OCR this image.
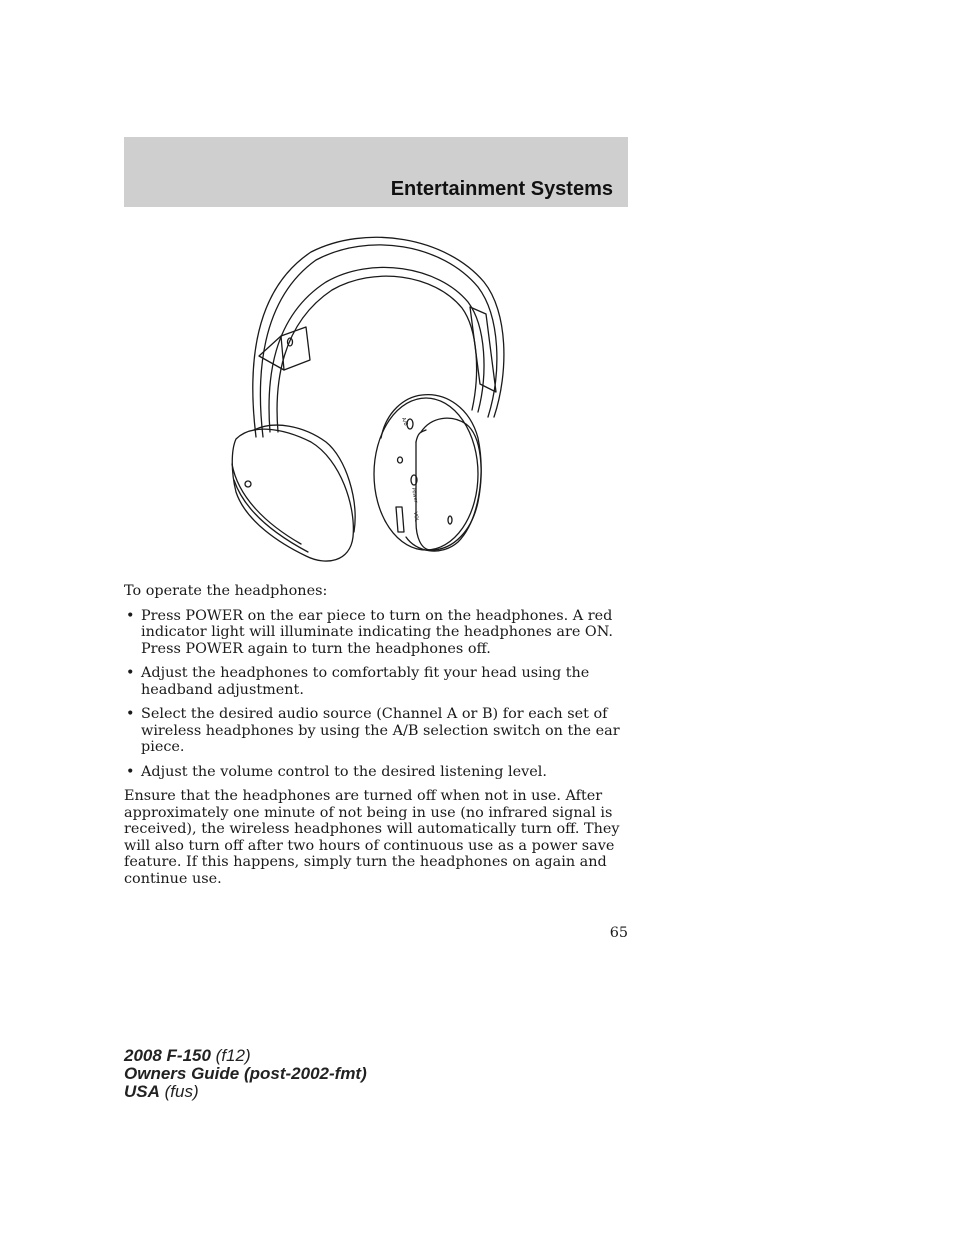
Entertainment Systems
A/B
Power
VOL

To operate the headphones:

• Press POWER on the ear piece to turn on the headphones. A red indicator light will illuminate indicating the headphones are ON. Press POWER again to turn the headphones off.
• Adjust the headphones to comfortably fit your head using the headband adjustment.
• Select the desired audio source (Channel A or B) for each set of wireless headphones by using the A/B selection switch on the ear piece.
• Adjust the volume control to the desired listening level.

Ensure that the headphones are turned off when not in use. After approximately one minute of not being in use (no infrared signal is received), the wireless headphones will automatically turn off. They will also turn off after two hours of continuous use as a power save feature. If this happens, simply turn the headphones on again and continue use.

65
2008 F-150 (f12)
Owners Guide (post-2002-fmt)
USA (fus)
